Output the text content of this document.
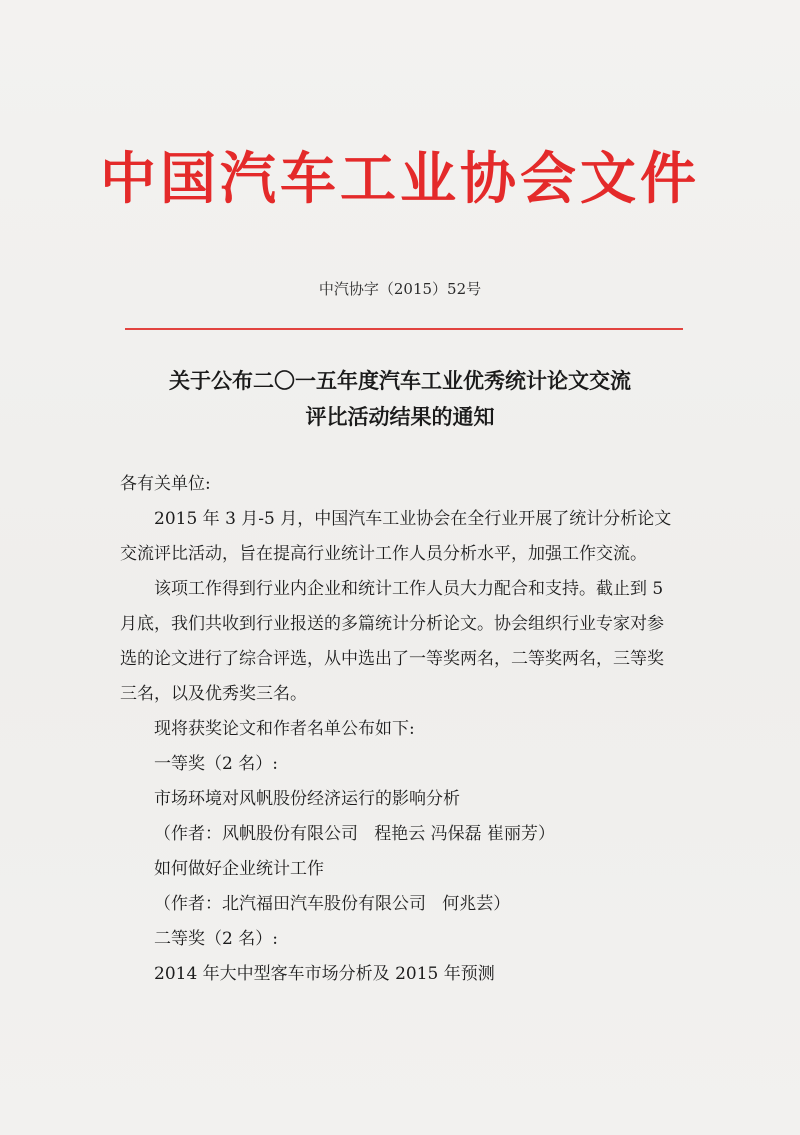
中国汽车工业协会文件
中汽协字（2015）52号
关于公布二〇一五年度汽车工业优秀统计论文交流
评比活动结果的通知

各有关单位:

2015 年 3 月-5 月，中国汽车工业协会在全行业开展了统计分析论文交流评比活动，旨在提高行业统计工作人员分析水平，加强工作交流。

该项工作得到行业内企业和统计工作人员大力配合和支持。截止到 5 月底，我们共收到行业报送的多篇统计分析论文。协会组织行业专家对参选的论文进行了综合评选，从中选出了一等奖两名，二等奖两名，三等奖三名，以及优秀奖三名。

现将获奖论文和作者名单公布如下:

一等奖（2 名）:

市场环境对风帆股份经济运行的影响分析

（作者：风帆股份有限公司   程艳云 冯保磊 崔丽芳）

如何做好企业统计工作

（作者：北汽福田汽车股份有限公司   何兆芸）

二等奖（2 名）:

2014 年大中型客车市场分析及 2015 年预测
